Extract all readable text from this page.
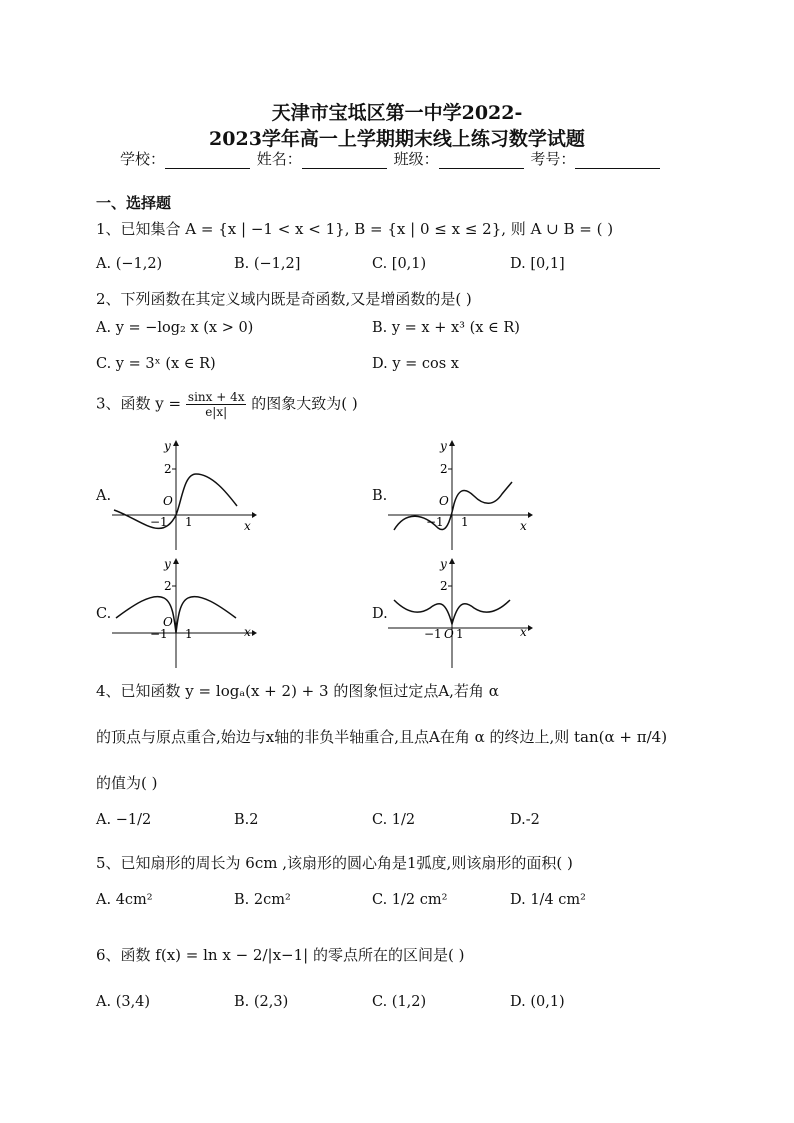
天津市宝坻区第一中学2022-
2023学年高一上学期期末线上练习数学试题
学校：	姓名：	班级：	考号：
一、选择题
1、已知集合 A = {x | −1 < x < 1}, B = {x | 0 ≤ x ≤ 2}, 则 A ∪ B = ( )
A. (−1,2)	B. (−1,2]	C. [0,1)	D. [0,1]
2、下列函数在其定义域内既是奇函数,又是增函数的是( )
A. y = −log₂ x (x > 0)	B. y = x + x³ (x ∈ R)
C. y = 3ˣ (x ∈ R)	D. y = cos x
3、函数 $y = \frac{\sin x + 4x}{e|x|}$ 的图象大致为( )
A.	B.
C.	D.
y
x
O
2
−1 1
y
x
O
2
−1 1
y
x
O
2
−1 1
y
x
O
2
−1 1
4、已知函数 y = logₐ(x + 2) + 3 的图象恒过定点A,若角 α
的顶点与原点重合,始边与x轴的非负半轴重合,且点A在角 α 的终边上,则 tan(α + π/4)
的值为( )
A. −1/2	B.2	C. 1/2	D.-2
5、已知扇形的周长为 6cm ,该扇形的圆心角是1弧度,则该扇形的面积( )
A. 4cm²	B. 2cm²	C. 1/2 cm²	D. 1/4 cm²
6、函数 f(x) = ln x − 2/|x−1| 的零点所在的区间是( )
A. (3,4)	B. (2,3)	C. (1,2)	D. (0,1)
